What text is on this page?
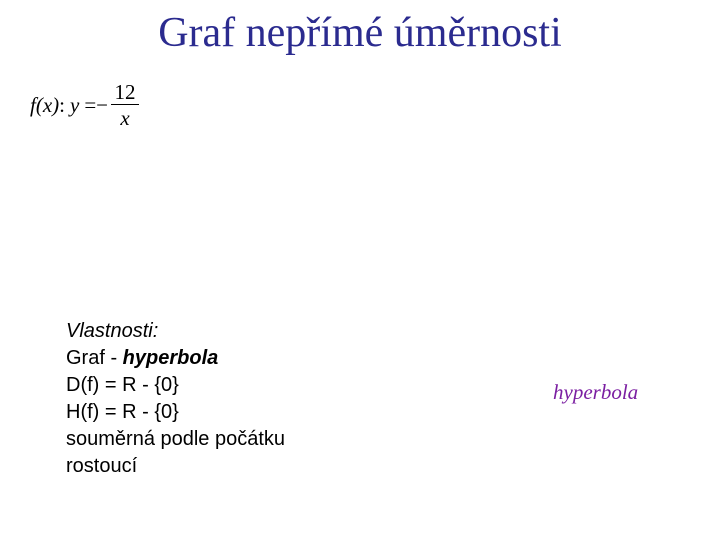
Graf nepřímé úměrnosti
f(x) : y = − $\frac{12}{x}$
Vlastnosti:
Graf - hyperbola
D(f) = R - {0}
H(f) = R - {0}
souměrná podle počátku
rostoucí
hyperbola
